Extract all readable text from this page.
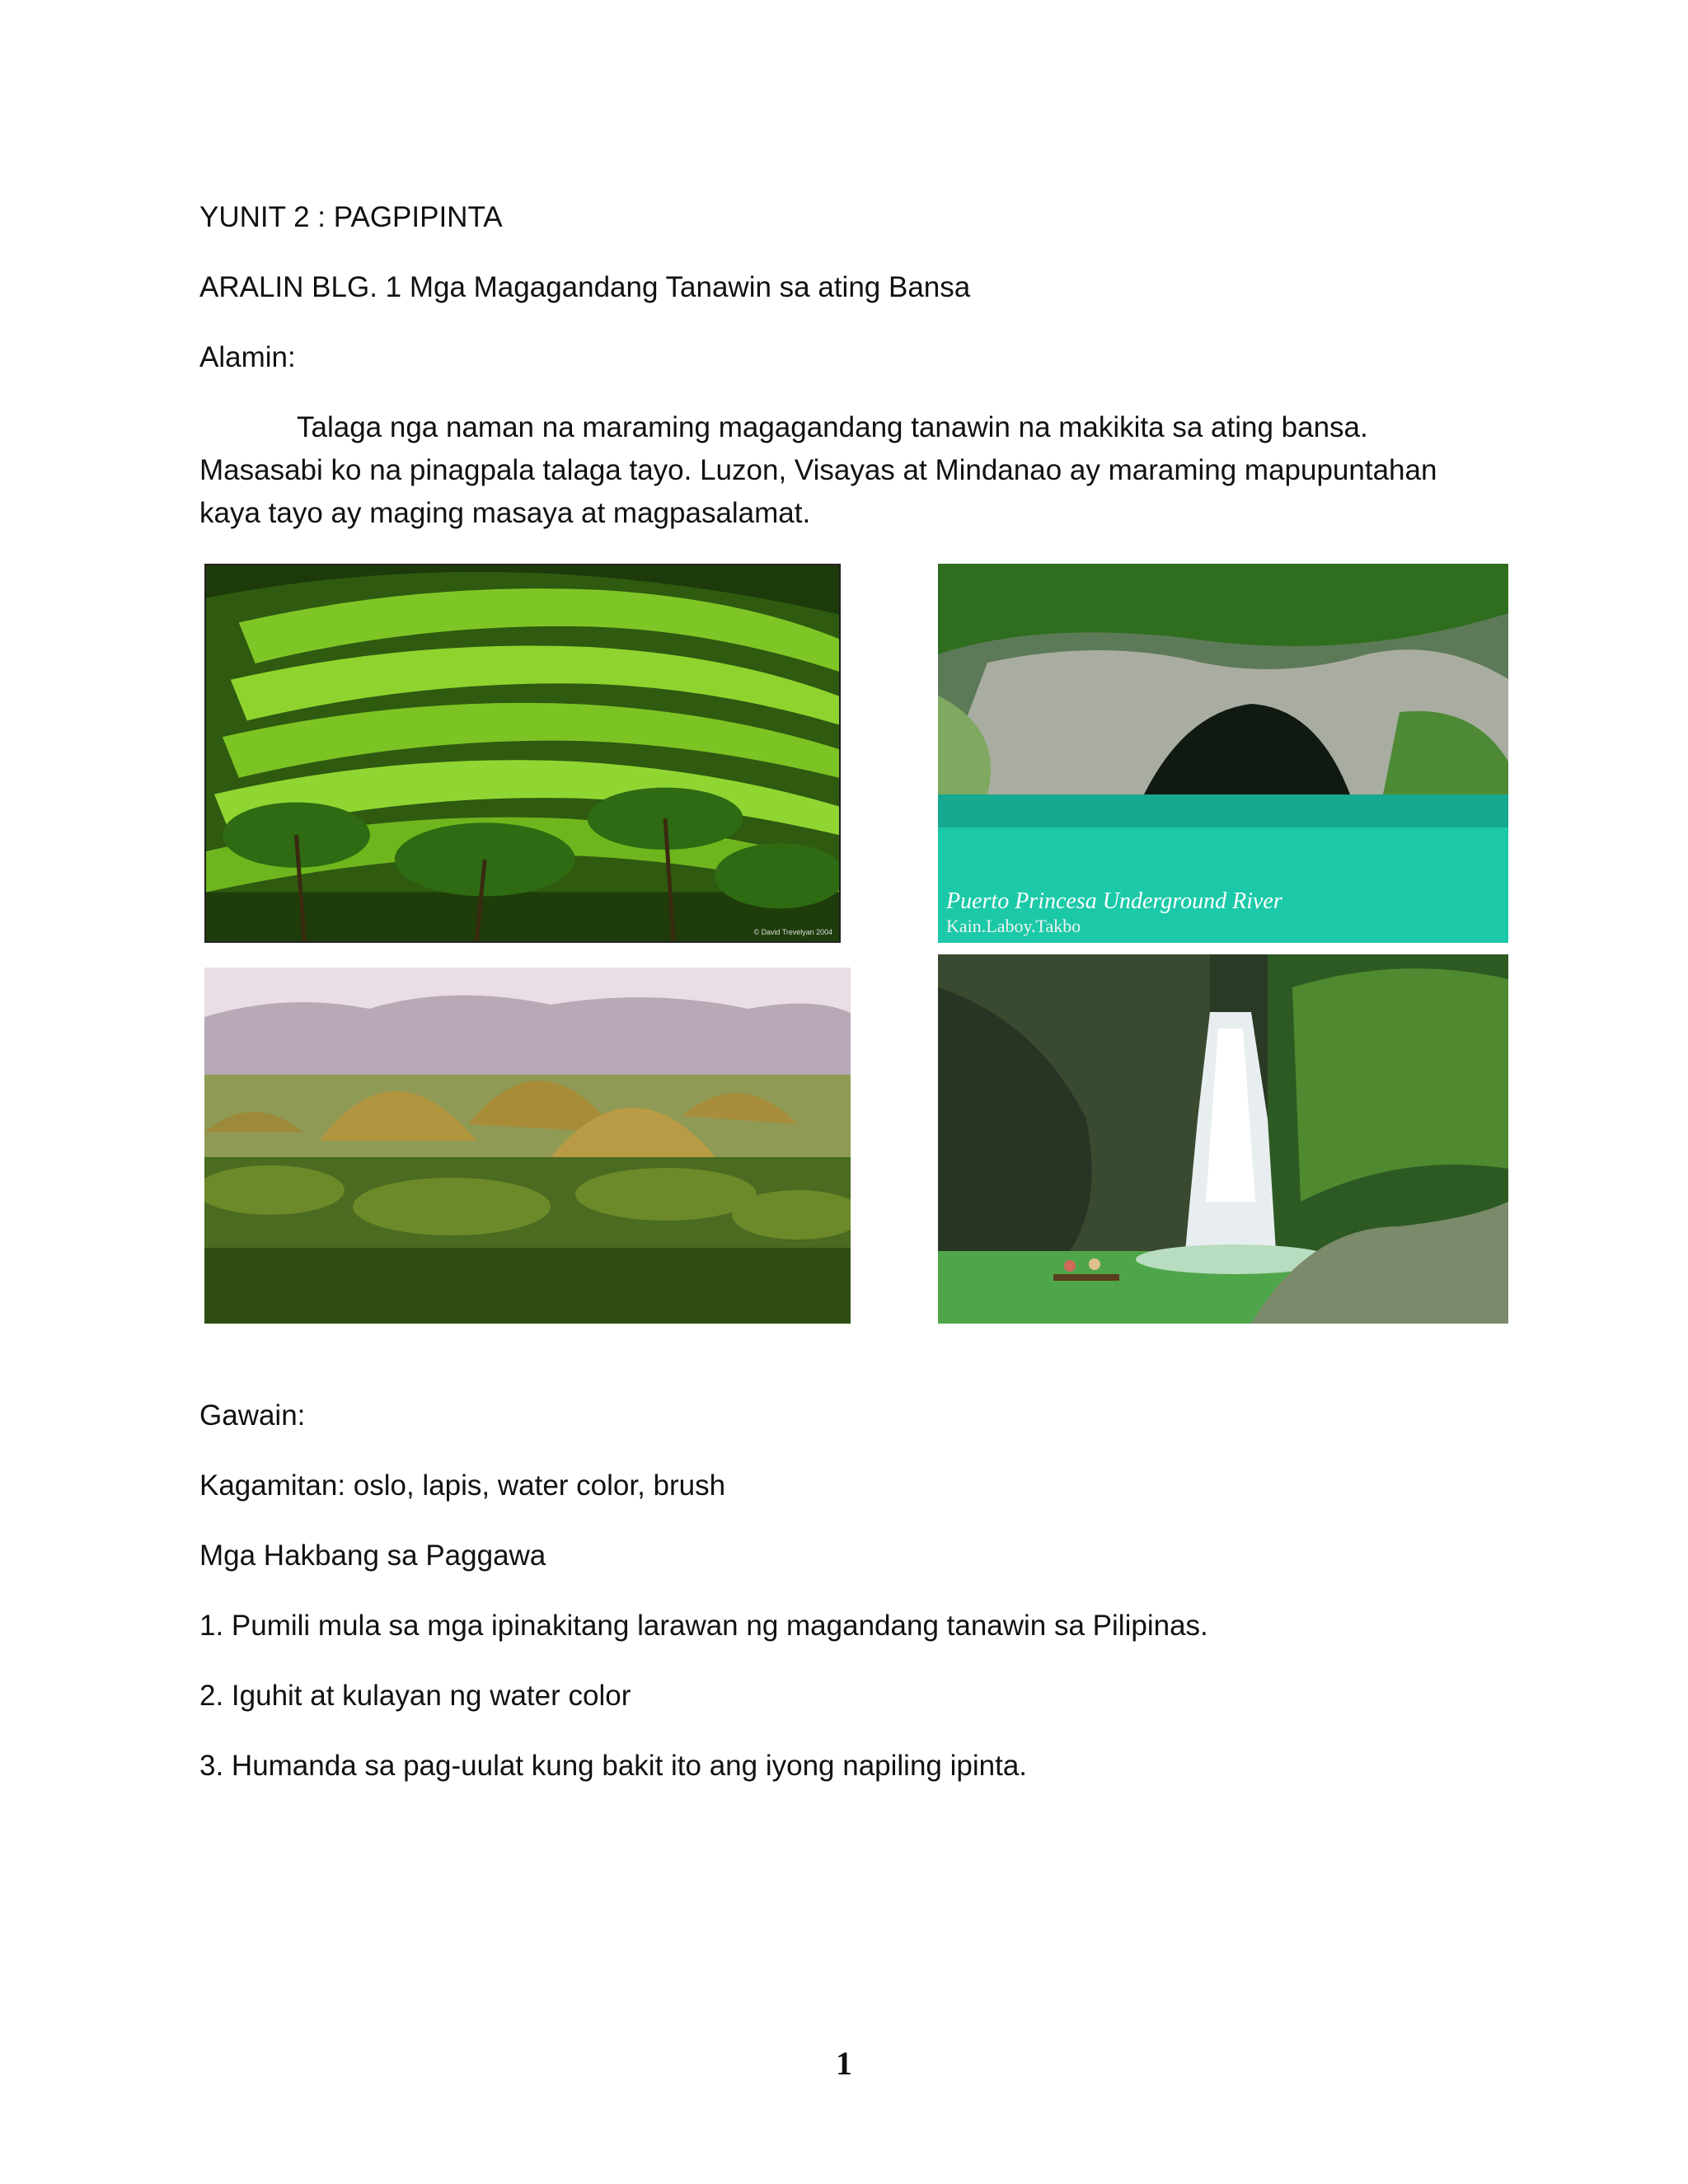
YUNIT 2 : PAGPIPINTA

ARALIN BLG. 1 Mga Magagandang Tanawin sa ating Bansa

Alamin:

Talaga nga naman na maraming magagandang tanawin na makikita sa ating bansa. Masasabi ko na pinagpala talaga tayo. Luzon, Visayas at Mindanao ay maraming mapupuntahan kaya tayo ay maging masaya at magpasalamat.

© David Trevelyan 2004
Puerto Princesa Underground River
Kain.Laboy.Takbo

Gawain:

Kagamitan: oslo, lapis, water color, brush

Mga Hakbang sa Paggawa

1. Pumili mula sa mga ipinakitang larawan ng magandang tanawin sa Pilipinas.

2. Iguhit at kulayan ng water color

3. Humanda sa pag-uulat kung bakit ito ang iyong napiling ipinta.

1
